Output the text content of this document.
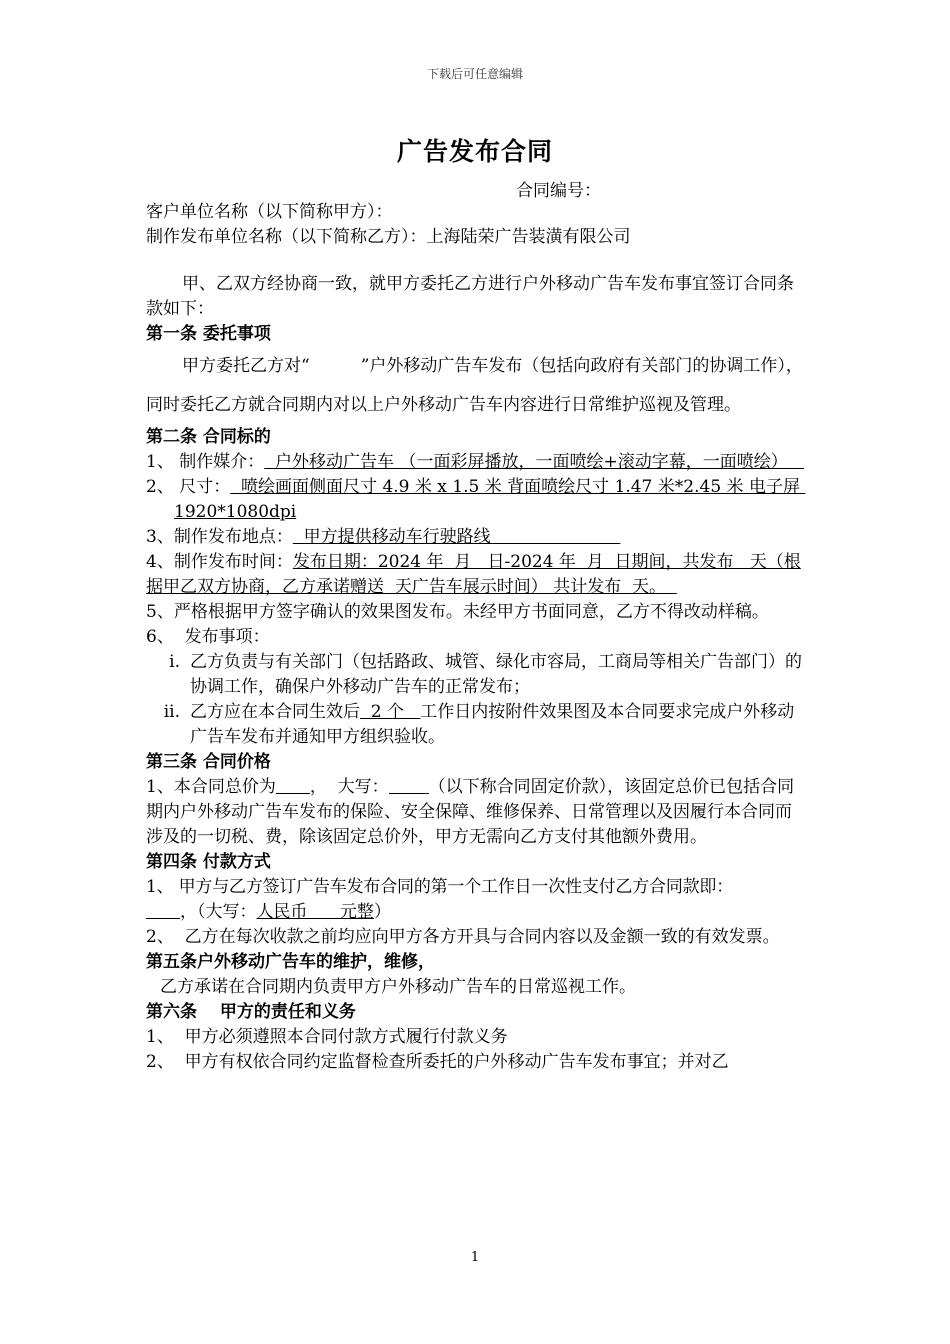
下载后可任意编辑
广告发布合同
合同编号：

客户单位名称（以下简称甲方）：

制作发布单位名称（以下简称乙方）：上海陆荣广告装潢有限公司

甲、乙双方经协商一致，就甲方委托乙方进行户外移动广告车发布事宜签订合同条款如下：

第一条 委托事项

甲方委托乙方对“　　　”户外移动广告车发布（包括向政府有关部门的协调工作），同时委托乙方就合同期内对以上户外移动广告车内容进行日常维护巡视及管理。

第二条 合同标的

1、 制作媒介：  户外移动广告车 （一面彩屏播放，一面喷绘+滚动字幕，一面喷绘）

2、 尺寸：  喷绘画面侧面尺寸 4.9 米 x 1.5 米 背面喷绘尺寸 1.47 米*2.45 米 电子屏 1920*1080dpi

3、制作发布地点：  甲方提供移动车行驶路线

4、制作发布时间：发布日期：2024 年  月   日-2024 年  月  日期间，共发布   天（根据甲乙双方协商，乙方承诺赠送  天广告车展示时间） 共计发布  天。

5、严格根据甲方签字确认的效果图发布。未经甲方书面同意，乙方不得改动样稿。

6、  发布事项：

i. 乙方负责与有关部门（包括路政、城管、绿化市容局，工商局等相关广告部门）的协调工作，确保户外移动广告车的正常发布；

ii. 乙方应在本合同生效后  2 个   工作日内按附件效果图及本合同要求完成户外移动广告车发布并通知甲方组织验收。

第三条 合同价格

1、本合同总价为 ，  大写： （以下称合同固定价款），该固定总价已包括合同期内户外移动广告车发布的保险、安全保障、维修保养、日常管理以及因履行本合同而涉及的一切税、费，除该固定总价外，甲方无需向乙方支付其他额外费用。

第四条 付款方式

1、 甲方与乙方签订广告车发布合同的第一个工作日一次性支付乙方合同款即：

，（大写：人民币      元整）

2、  乙方在每次收款之前均应向甲方各方开具与合同内容以及金额一致的有效发票。

第五条户外移动广告车的维护，维修，

乙方承诺在合同期内负责甲方户外移动广告车的日常巡视工作。

第六条　 甲方的责任和义务

1、  甲方必须遵照本合同付款方式履行付款义务

2、  甲方有权依合同约定监督检查所委托的户外移动广告车发布事宜；并对乙

1
